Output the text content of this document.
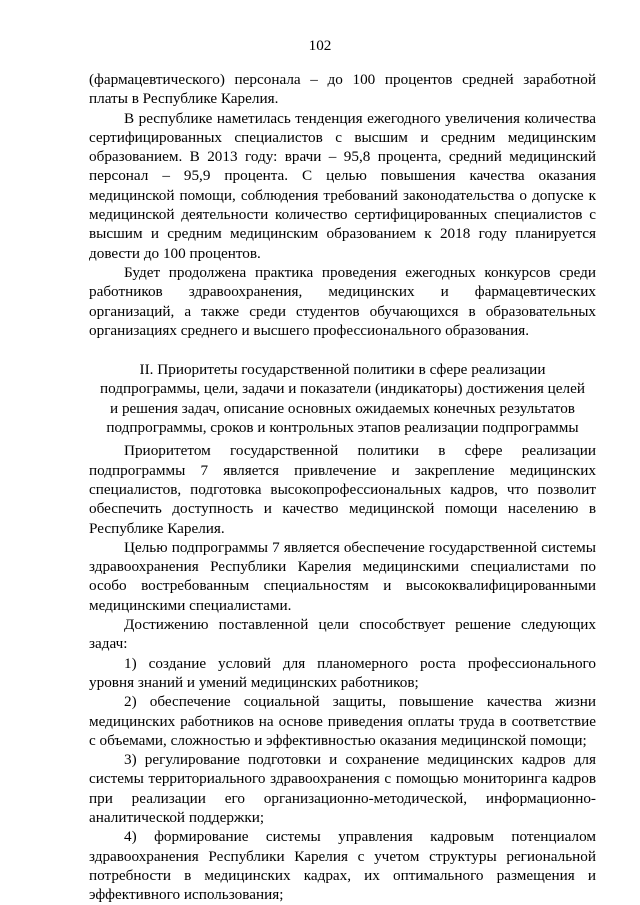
102

(фармацевтического) персонала – до 100 процентов средней заработной платы в Республике Карелия.

В республике наметилась тенденция ежегодного увеличения количества сертифицированных специалистов с высшим и средним медицинским образованием. В 2013 году: врачи – 95,8 процента, средний медицинский персонал – 95,9 процента. С целью повышения качества оказания медицинской помощи, соблюдения требований законодательства о допуске к медицинской деятельности количество сертифицированных специалистов с высшим и средним медицинским образованием к 2018 году планируется довести до 100 процентов.

Будет продолжена практика проведения ежегодных конкурсов среди работников здравоохранения, медицинских и фармацевтических организаций, а также среди студентов обучающихся в образовательных организациях среднего и высшего профессионального образования.

II. Приоритеты государственной политики в сфере реализации подпрограммы, цели, задачи и показатели (индикаторы) достижения целей и решения задач, описание основных ожидаемых конечных результатов подпрограммы, сроков и контрольных этапов реализации подпрограммы

Приоритетом государственной политики в сфере реализации подпрограммы 7 является привлечение и закрепление медицинских специалистов, подготовка высокопрофессиональных кадров, что позволит обеспечить доступность и качество медицинской помощи населению в Республике Карелия.

Целью подпрограммы 7 является обеспечение государственной системы здравоохранения Республики Карелия медицинскими специалистами по особо востребованным специальностям и высококвалифицированными медицинскими специалистами.

Достижению поставленной цели способствует решение следующих задач:

1) создание условий для планомерного роста профессионального уровня знаний и умений медицинских работников;

2) обеспечение социальной защиты, повышение качества жизни медицинских работников на основе приведения оплаты труда в соответствие с объемами, сложностью и эффективностью оказания медицинской помощи;

3) регулирование подготовки и сохранение медицинских кадров для системы территориального здравоохранения с помощью мониторинга кадров при реализации его организационно-методической, информационно-аналитической поддержки;

4) формирование системы управления кадровым потенциалом здравоохранения Республики Карелия с учетом структуры региональной потребности в медицинских кадрах, их оптимального размещения и эффективного использования;
